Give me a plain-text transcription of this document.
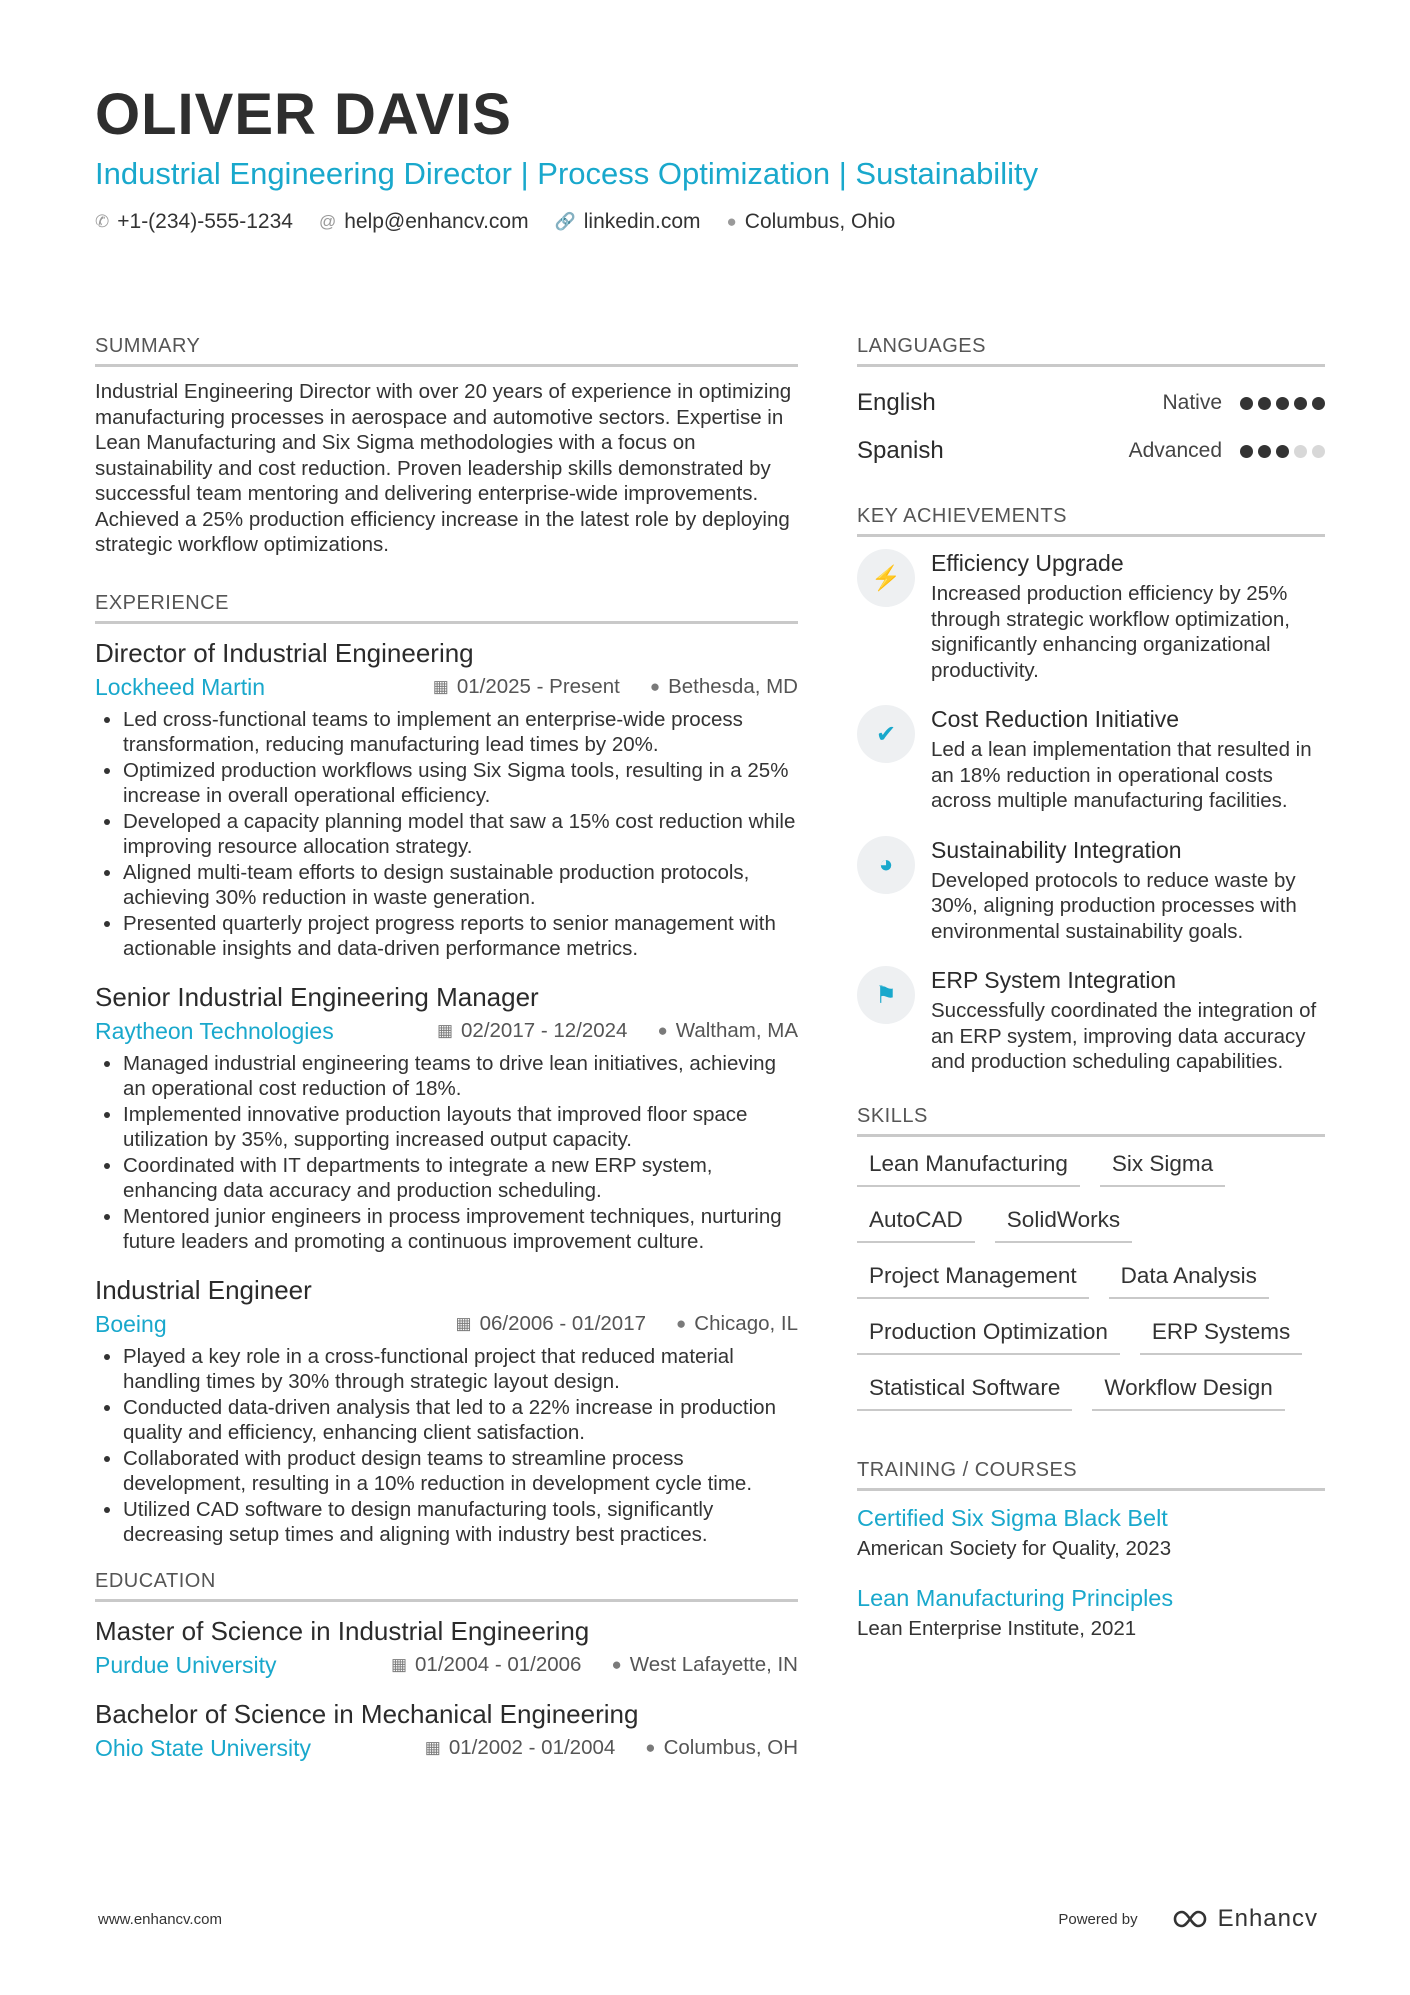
OLIVER DAVIS
Industrial Engineering Director | Process Optimization | Sustainability
✆ +1-(234)-555-1234 @ help@enhancv.com 🔗 linkedin.com ● Columbus, Ohio
SUMMARY

Industrial Engineering Director with over 20 years of experience in optimizing manufacturing processes in aerospace and automotive sectors. Expertise in Lean Manufacturing and Six Sigma methodologies with a focus on sustainability and cost reduction. Proven leadership skills demonstrated by successful team mentoring and delivering enterprise-wide improvements. Achieved a 25% production efficiency increase in the latest role by deploying strategic workflow optimizations.

EXPERIENCE
Director of Industrial Engineering
Lockheed Martin	▦ 01/2025 - Present ● Bethesda, MD
• Led cross-functional teams to implement an enterprise-wide process transformation, reducing manufacturing lead times by 20%.
• Optimized production workflows using Six Sigma tools, resulting in a 25% increase in overall operational efficiency.
• Developed a capacity planning model that saw a 15% cost reduction while improving resource allocation strategy.
• Aligned multi-team efforts to design sustainable production protocols, achieving 30% reduction in waste generation.
• Presented quarterly project progress reports to senior management with actionable insights and data-driven performance metrics.
Senior Industrial Engineering Manager
Raytheon Technologies	▦ 02/2017 - 12/2024 ● Waltham, MA
• Managed industrial engineering teams to drive lean initiatives, achieving an operational cost reduction of 18%.
• Implemented innovative production layouts that improved floor space utilization by 35%, supporting increased output capacity.
• Coordinated with IT departments to integrate a new ERP system, enhancing data accuracy and production scheduling.
• Mentored junior engineers in process improvement techniques, nurturing future leaders and promoting a continuous improvement culture.
Industrial Engineer
Boeing	▦ 06/2006 - 01/2017 ● Chicago, IL
• Played a key role in a cross-functional project that reduced material handling times by 30% through strategic layout design.
• Conducted data-driven analysis that led to a 22% increase in production quality and efficiency, enhancing client satisfaction.
• Collaborated with product design teams to streamline process development, resulting in a 10% reduction in development cycle time.
• Utilized CAD software to design manufacturing tools, significantly decreasing setup times and aligning with industry best practices.
EDUCATION
Master of Science in Industrial Engineering
Purdue University	▦ 01/2004 - 01/2006 ● West Lafayette, IN
Bachelor of Science in Mechanical Engineering
Ohio State University	▦ 01/2002 - 01/2004 ● Columbus, OH
LANGUAGES
English	Native
Spanish	Advanced
KEY ACHIEVEMENTS
⚡
Efficiency Upgrade
Increased production efficiency by 25% through strategic workflow optimization, significantly enhancing organizational productivity.
✔
Cost Reduction Initiative
Led a lean implementation that resulted in an 18% reduction in operational costs across multiple manufacturing facilities.
◕
Sustainability Integration
Developed protocols to reduce waste by 30%, aligning production processes with environmental sustainability goals.
⚑
ERP System Integration
Successfully coordinated the integration of an ERP system, improving data accuracy and production scheduling capabilities.
SKILLS
Lean Manufacturing	Six Sigma
AutoCAD	SolidWorks
Project Management	Data Analysis
Production Optimization	ERP Systems
Statistical Software	Workflow Design
TRAINING / COURSES
Certified Six Sigma Black Belt
American Society for Quality, 2023
Lean Manufacturing Principles
Lean Enterprise Institute, 2021
www.enhancv.com	Powered by	Enhancv
